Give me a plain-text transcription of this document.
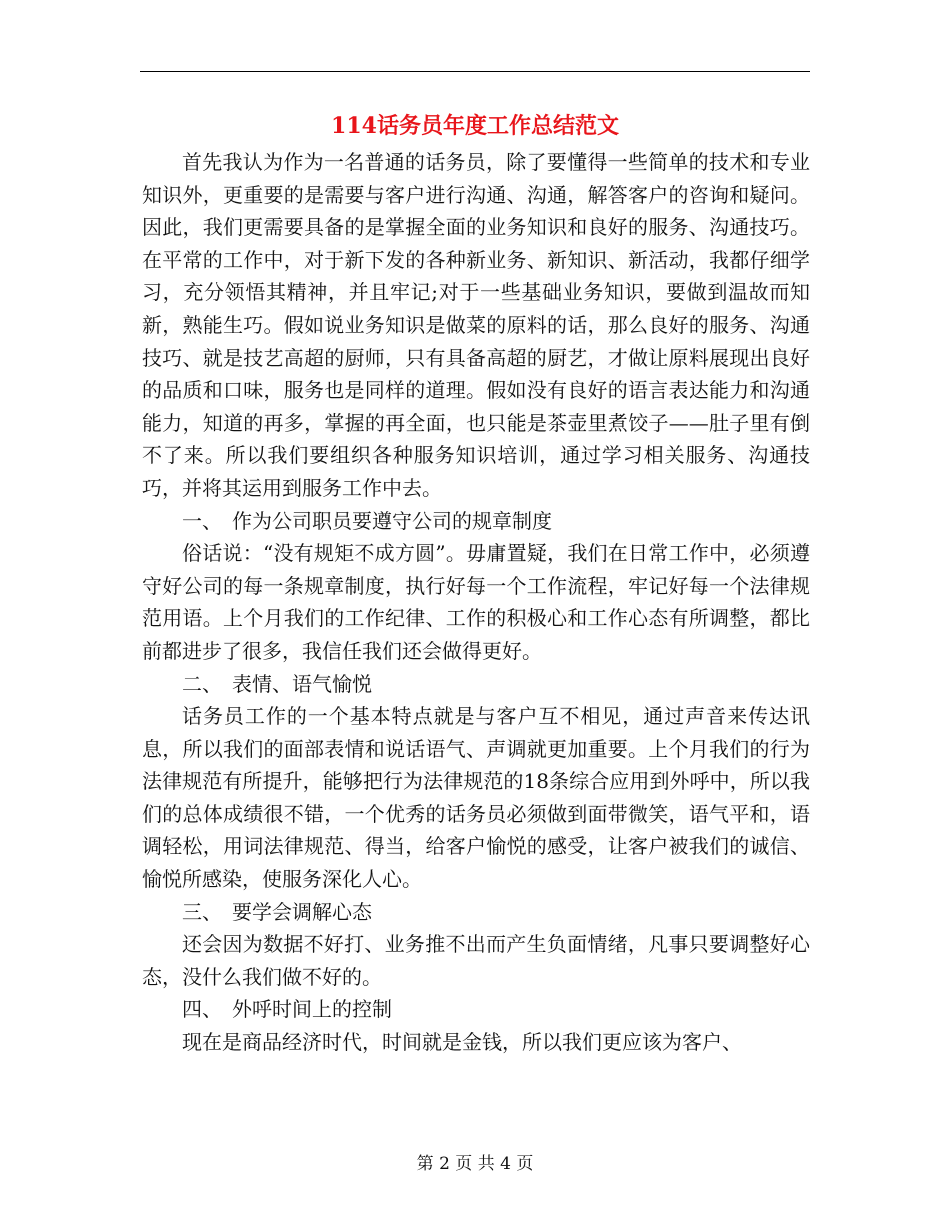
114话务员年度工作总结范文

首先我认为作为一名普通的话务员，除了要懂得一些简单的技术和专业知识外，更重要的是需要与客户进行沟通、沟通，解答客户的咨询和疑问。因此，我们更需要具备的是掌握全面的业务知识和良好的服务、沟通技巧。在平常的工作中，对于新下发的各种新业务、新知识、新活动，我都仔细学习，充分领悟其精神，并且牢记;对于一些基础业务知识，要做到温故而知新，熟能生巧。假如说业务知识是做菜的原料的话，那么良好的服务、沟通技巧、就是技艺高超的厨师，只有具备高超的厨艺，才做让原料展现出良好的品质和口味，服务也是同样的道理。假如没有良好的语言表达能力和沟通能力，知道的再多，掌握的再全面，也只能是茶壶里煮饺子——肚子里有倒不了来。所以我们要组织各种服务知识培训，通过学习相关服务、沟通技巧，并将其运用到服务工作中去。

一、　作为公司职员要遵守公司的规章制度

俗话说：“没有规矩不成方圆”。毋庸置疑，我们在日常工作中，必须遵守好公司的每一条规章制度，执行好每一个工作流程，牢记好每一个法律规范用语。上个月我们的工作纪律、工作的积极心和工作心态有所调整，都比前都进步了很多，我信任我们还会做得更好。

二、　表情、语气愉悦

话务员工作的一个基本特点就是与客户互不相见，通过声音来传达讯息，所以我们的面部表情和说话语气、声调就更加重要。上个月我们的行为法律规范有所提升，能够把行为法律规范的18条综合应用到外呼中，所以我们的总体成绩很不错，一个优秀的话务员必须做到面带微笑，语气平和，语调轻松，用词法律规范、得当，给客户愉悦的感受，让客户被我们的诚信、愉悦所感染，使服务深化人心。

三、　要学会调解心态

还会因为数据不好打、业务推不出而产生负面情绪，凡事只要调整好心态，没什么我们做不好的。

四、　外呼时间上的控制

现在是商品经济时代，时间就是金钱，所以我们更应该为客户、

第 2 页 共 4 页
